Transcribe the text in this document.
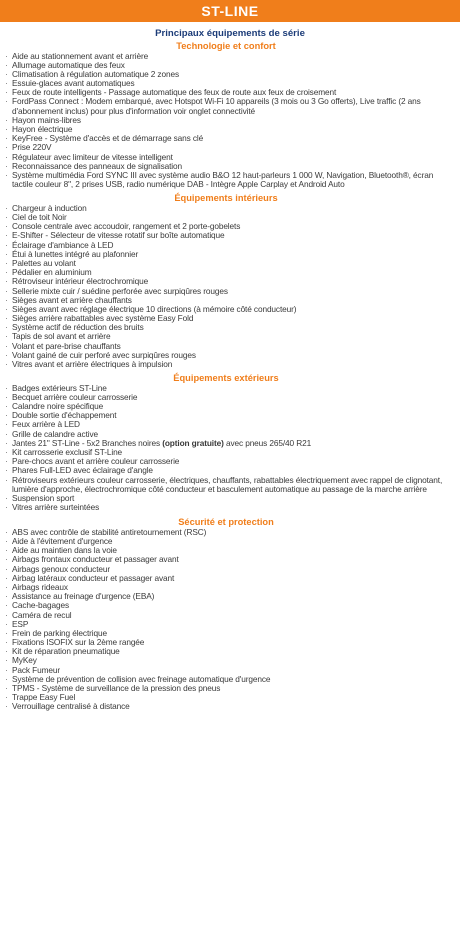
ST-LINE
Principaux équipements de série
Technologie et confort
· Aide au stationnement avant et arrière
· Allumage automatique des feux
· Climatisation à régulation automatique 2 zones
· Essuie-glaces avant automatiques
· Feux de route intelligents - Passage automatique des feux de route aux feux de croisement
· FordPass Connect : Modem embarqué, avec Hotspot Wi-Fi 10 appareils (3 mois ou 3 Go offerts), Live traffic (2 ans d'abonnement inclus) pour plus d'information voir onglet connectivité
· Hayon mains-libres
· Hayon électrique
· KeyFree - Système d'accès et de démarrage sans clé
· Prise 220V
· Régulateur avec limiteur de vitesse intelligent
· Reconnaissance des panneaux de signalisation
· Système multimédia Ford SYNC III avec système audio B&O 12 haut-parleurs 1 000 W, Navigation, Bluetooth®, écran tactile couleur 8", 2 prises USB, radio numérique DAB - Intègre Apple Carplay et Android Auto
Équipements intérieurs
· Chargeur à induction
· Ciel de toit Noir
· Console centrale avec accoudoir, rangement et 2 porte-gobelets
· E-Shifter - Sélecteur de vitesse rotatif sur boîte automatique
· Éclairage d'ambiance à LED
· Étui à lunettes intégré au plafonnier
· Palettes au volant
· Pédalier en aluminium
· Rétroviseur intérieur électrochromique
· Sellerie mixte cuir / suédine perforée avec surpiqûres rouges
· Sièges avant et arrière chauffants
· Sièges avant avec réglage électrique 10 directions (à mémoire côté conducteur)
· Sièges arrière rabattables avec système Easy Fold
· Système actif de réduction des bruits
· Tapis de sol avant et arrière
· Volant et pare-brise chauffants
· Volant gainé de cuir perforé avec surpiqûres rouges
· Vitres avant et arrière électriques à impulsion
Équipements extérieurs
· Badges extérieurs ST-Line
· Becquet arrière couleur carrosserie
· Calandre noire spécifique
· Double sortie d'échappement
· Feux arrière à LED
· Grille de calandre active
· Jantes 21" ST-Line - 5x2 Branches noires (option gratuite) avec pneus 265/40 R21
· Kit carrosserie exclusif ST-Line
· Pare-chocs avant et arrière couleur carrosserie
· Phares Full-LED avec éclairage d'angle
· Rétroviseurs extérieurs couleur carrosserie, électriques, chauffants, rabattables électriquement avec rappel de clignotant, lumière d'approche, électrochromique côté conducteur et basculement automatique au passage de la marche arrière
· Suspension sport
· Vitres arrière surteintées
Sécurité et protection
· ABS avec contrôle de stabilité antiretournement (RSC)
· Aide à l'évitement d'urgence
· Aide au maintien dans la voie
· Airbags frontaux conducteur et passager avant
· Airbags genoux conducteur
· Airbag latéraux conducteur et passager avant
· Airbags rideaux
· Assistance au freinage d'urgence (EBA)
· Cache-bagages
· Caméra de recul
· ESP
· Frein de parking électrique
· Fixations ISOFIX sur la 2ème rangée
· Kit de réparation pneumatique
· MyKey
· Pack Fumeur
· Système de prévention de collision avec freinage automatique d'urgence
· TPMS - Système de surveillance de la pression des pneus
· Trappe Easy Fuel
· Verrouillage centralisé à distance
